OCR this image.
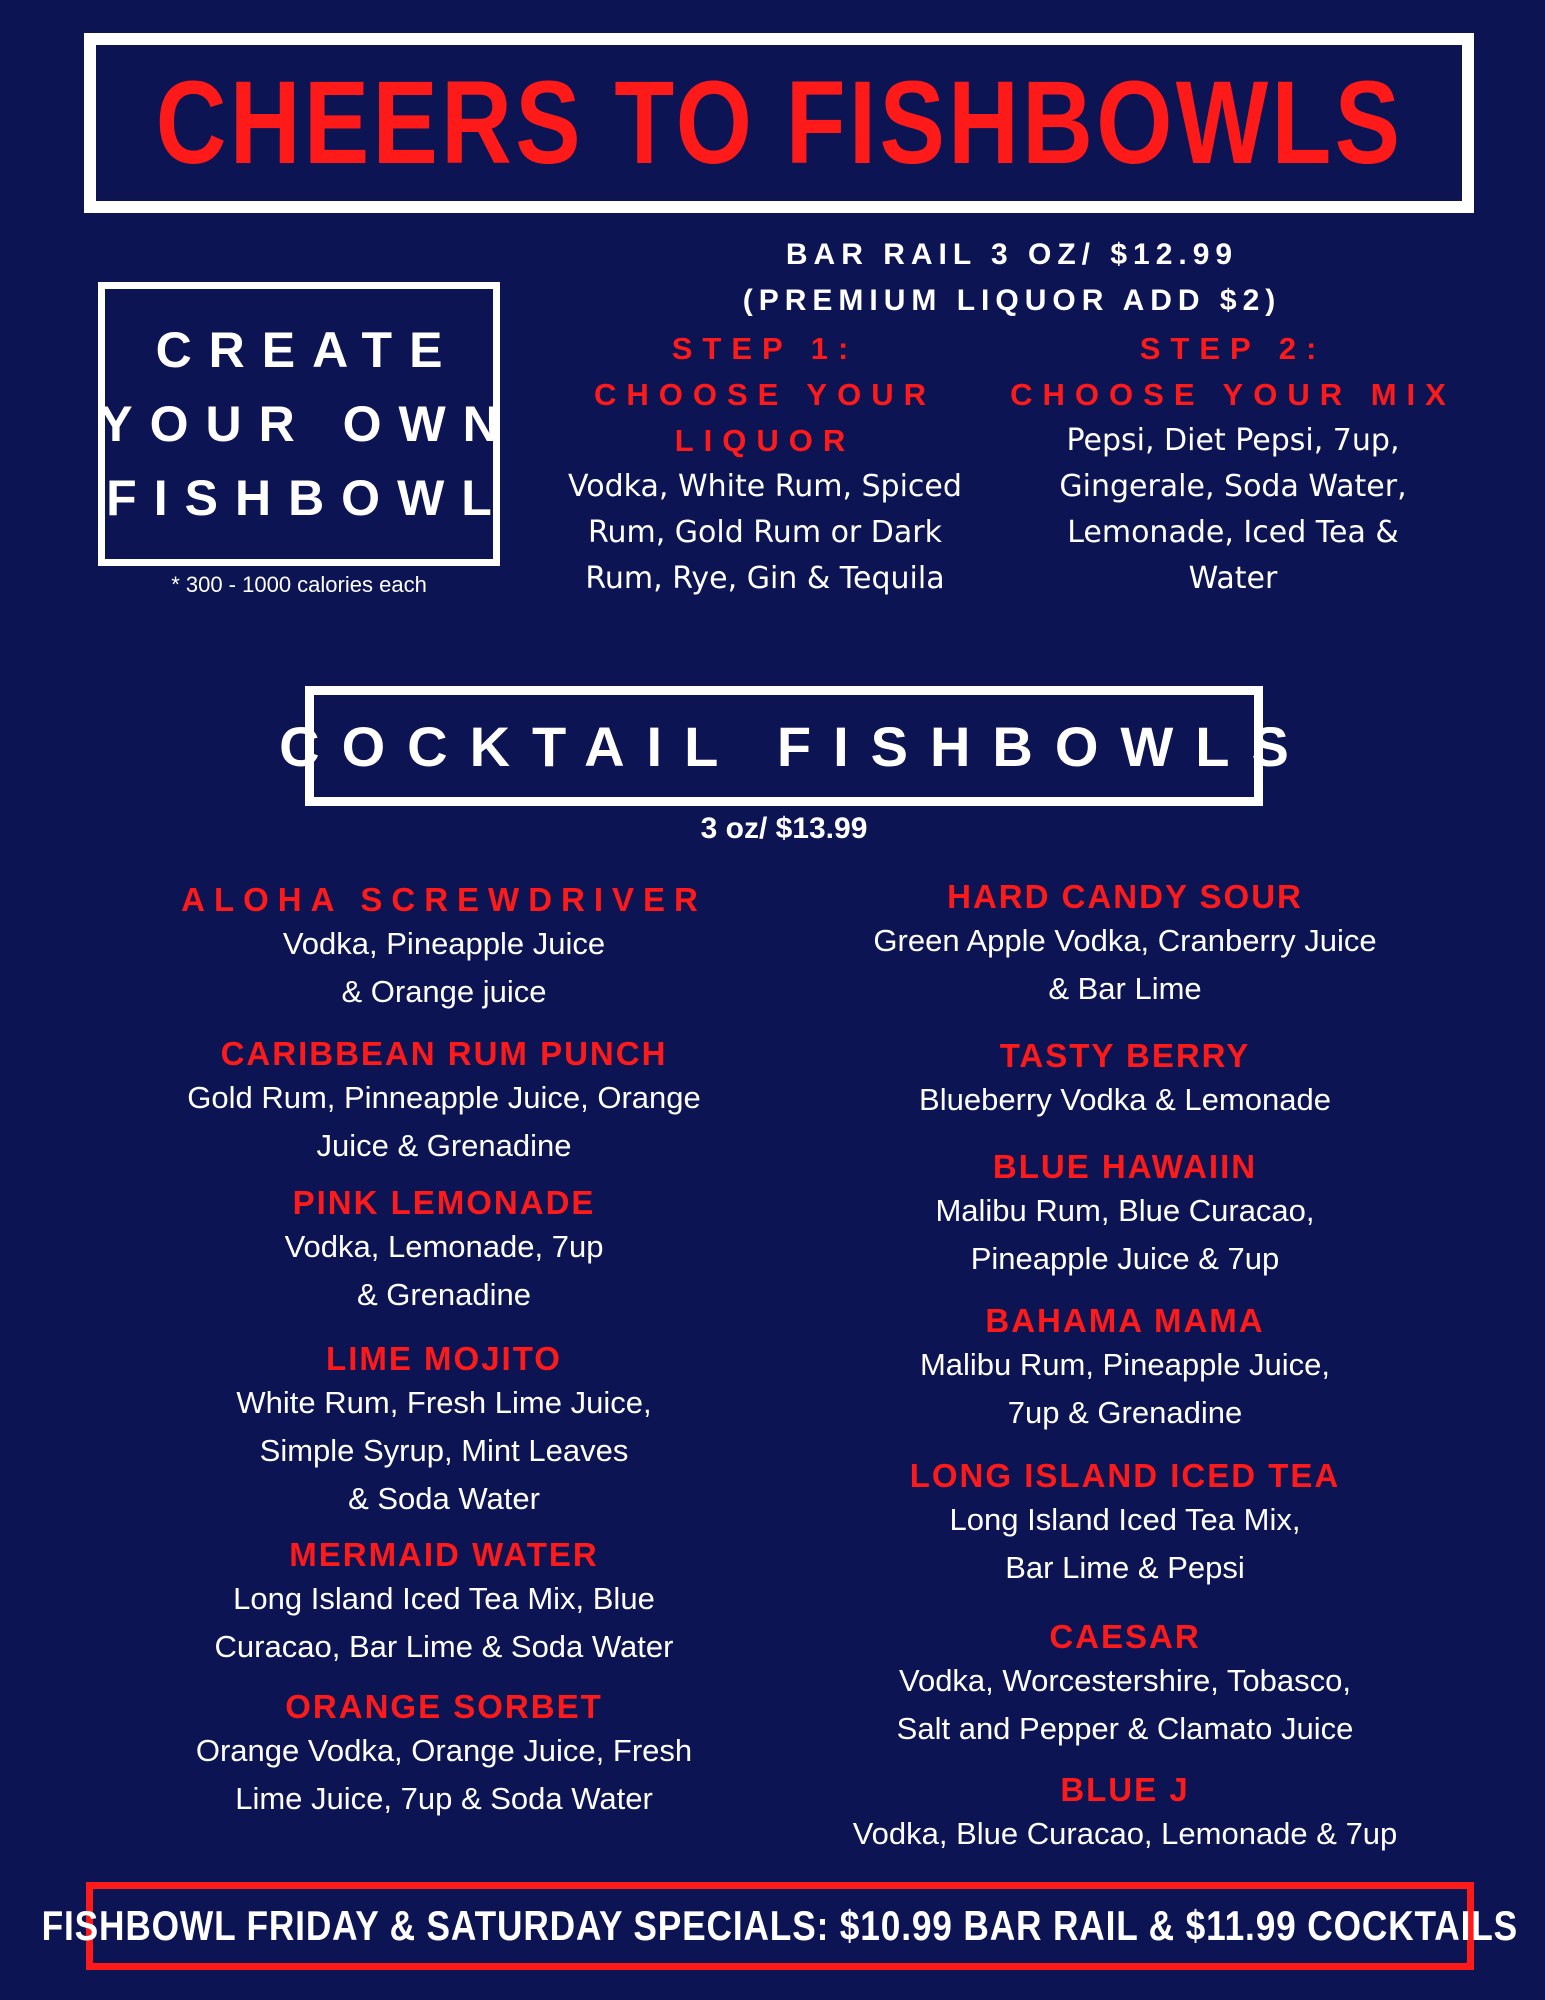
CHEERS TO FISHBOWLS
CREATE
YOUR OWN
FISHBOWL
* 300 - 1000 calories each
BAR RAIL 3 OZ/ $12.99
(PREMIUM LIQUOR ADD $2)
STEP 1:
CHOOSE YOUR
LIQUOR
Vodka, White Rum, Spiced
Rum, Gold Rum or Dark
Rum, Rye, Gin & Tequila
STEP 2:
CHOOSE YOUR MIX
Pepsi, Diet Pepsi, 7up,
Gingerale, Soda Water,
Lemonade, Iced Tea &
Water
COCKTAIL FISHBOWLS
3 oz/ $13.99
ALOHA SCREWDRIVER
Vodka, Pineapple Juice
& Orange juice
CARIBBEAN RUM PUNCH
Gold Rum, Pinneapple Juice, Orange
Juice & Grenadine
PINK LEMONADE
Vodka, Lemonade, 7up
& Grenadine
LIME MOJITO
White Rum, Fresh Lime Juice,
Simple Syrup, Mint Leaves
& Soda Water
MERMAID WATER
Long Island Iced Tea Mix, Blue
Curacao, Bar Lime & Soda Water
ORANGE SORBET
Orange Vodka, Orange Juice, Fresh
Lime Juice, 7up & Soda Water
HARD CANDY SOUR
Green Apple Vodka, Cranberry Juice
& Bar Lime
TASTY BERRY
Blueberry Vodka & Lemonade
BLUE HAWAIIN
Malibu Rum, Blue Curacao,
Pineapple Juice & 7up
BAHAMA MAMA
Malibu Rum, Pineapple Juice,
7up & Grenadine
LONG ISLAND ICED TEA
Long Island Iced Tea Mix,
Bar Lime & Pepsi
CAESAR
Vodka, Worcestershire, Tobasco,
Salt and Pepper & Clamato Juice
BLUE J
Vodka, Blue Curacao, Lemonade & 7up
FISHBOWL FRIDAY & SATURDAY SPECIALS: $10.99 BAR RAIL & $11.99 COCKTAILS
